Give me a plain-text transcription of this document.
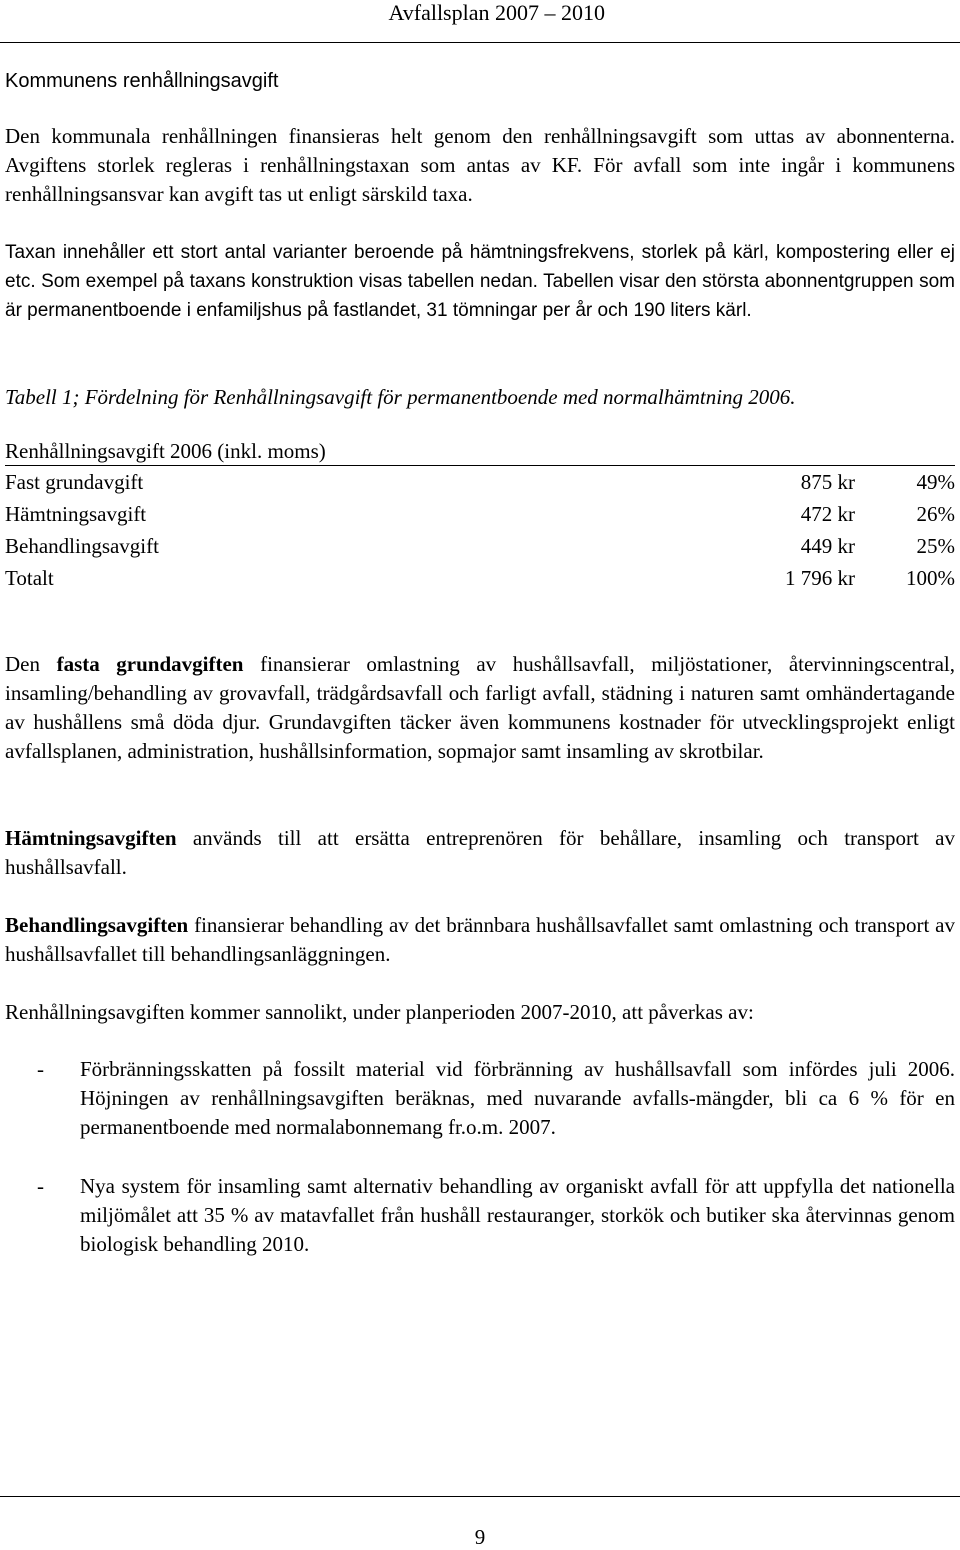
Avfallsplan 2007 – 2010
Kommunens renhållningsavgift

Den kommunala renhållningen finansieras helt genom den renhållningsavgift som uttas av abonnenterna. Avgiftens storlek regleras i renhållningstaxan som antas av KF. För avfall som inte ingår i kommunens renhållningsansvar kan avgift tas ut enligt särskild taxa.

Taxan innehåller ett stort antal varianter beroende på hämtningsfrekvens, storlek på kärl, kompostering eller ej etc. Som exempel på taxans konstruktion visas tabellen nedan. Tabellen visar den största abonnentgruppen som är permanentboende i enfamiljshus på fastlandet, 31 tömningar per år och 190 liters kärl.

Tabell 1; Fördelning för Renhållningsavgift för permanentboende med normalhämtning 2006.
Renhållningsavgift 2006 (inkl. moms)		
Fast grundavgift	875 kr	49%
Hämtningsavgift	472 kr	26%
Behandlingsavgift	449 kr	25%
Totalt	1 796 kr	100%

Den fasta grundavgiften finansierar omlastning av hushållsavfall, miljöstationer, återvinningscentral, insamling/behandling av grovavfall, trädgårdsavfall och farligt avfall, städning i naturen samt omhändertagande av hushållens små döda djur. Grundavgiften täcker även kommunens kostnader för utvecklingsprojekt enligt avfallsplanen, administration, hushållsinformation, sopmajor samt insamling av skrotbilar.

Hämtningsavgiften används till att ersätta entreprenören för behållare, insamling och transport av hushållsavfall.

Behandlingsavgiften finansierar behandling av det brännbara hushållsavfallet samt omlastning och transport av hushållsavfallet till behandlingsanläggningen.

Renhållningsavgiften kommer sannolikt, under planperioden 2007-2010, att påverkas av:

- Förbränningsskatten på fossilt material vid förbränning av hushållsavfall som infördes juli 2006. Höjningen av renhållningsavgiften beräknas, med nuvarande avfalls-mängder, bli ca 6 % för en permanentboende med normalabonnemang fr.o.m. 2007.

- Nya system för insamling samt alternativ behandling av organiskt avfall för att uppfylla det nationella miljömålet att 35 % av matavfallet från hushåll restauranger, storkök och butiker ska återvinnas genom biologisk behandling 2010.

9
